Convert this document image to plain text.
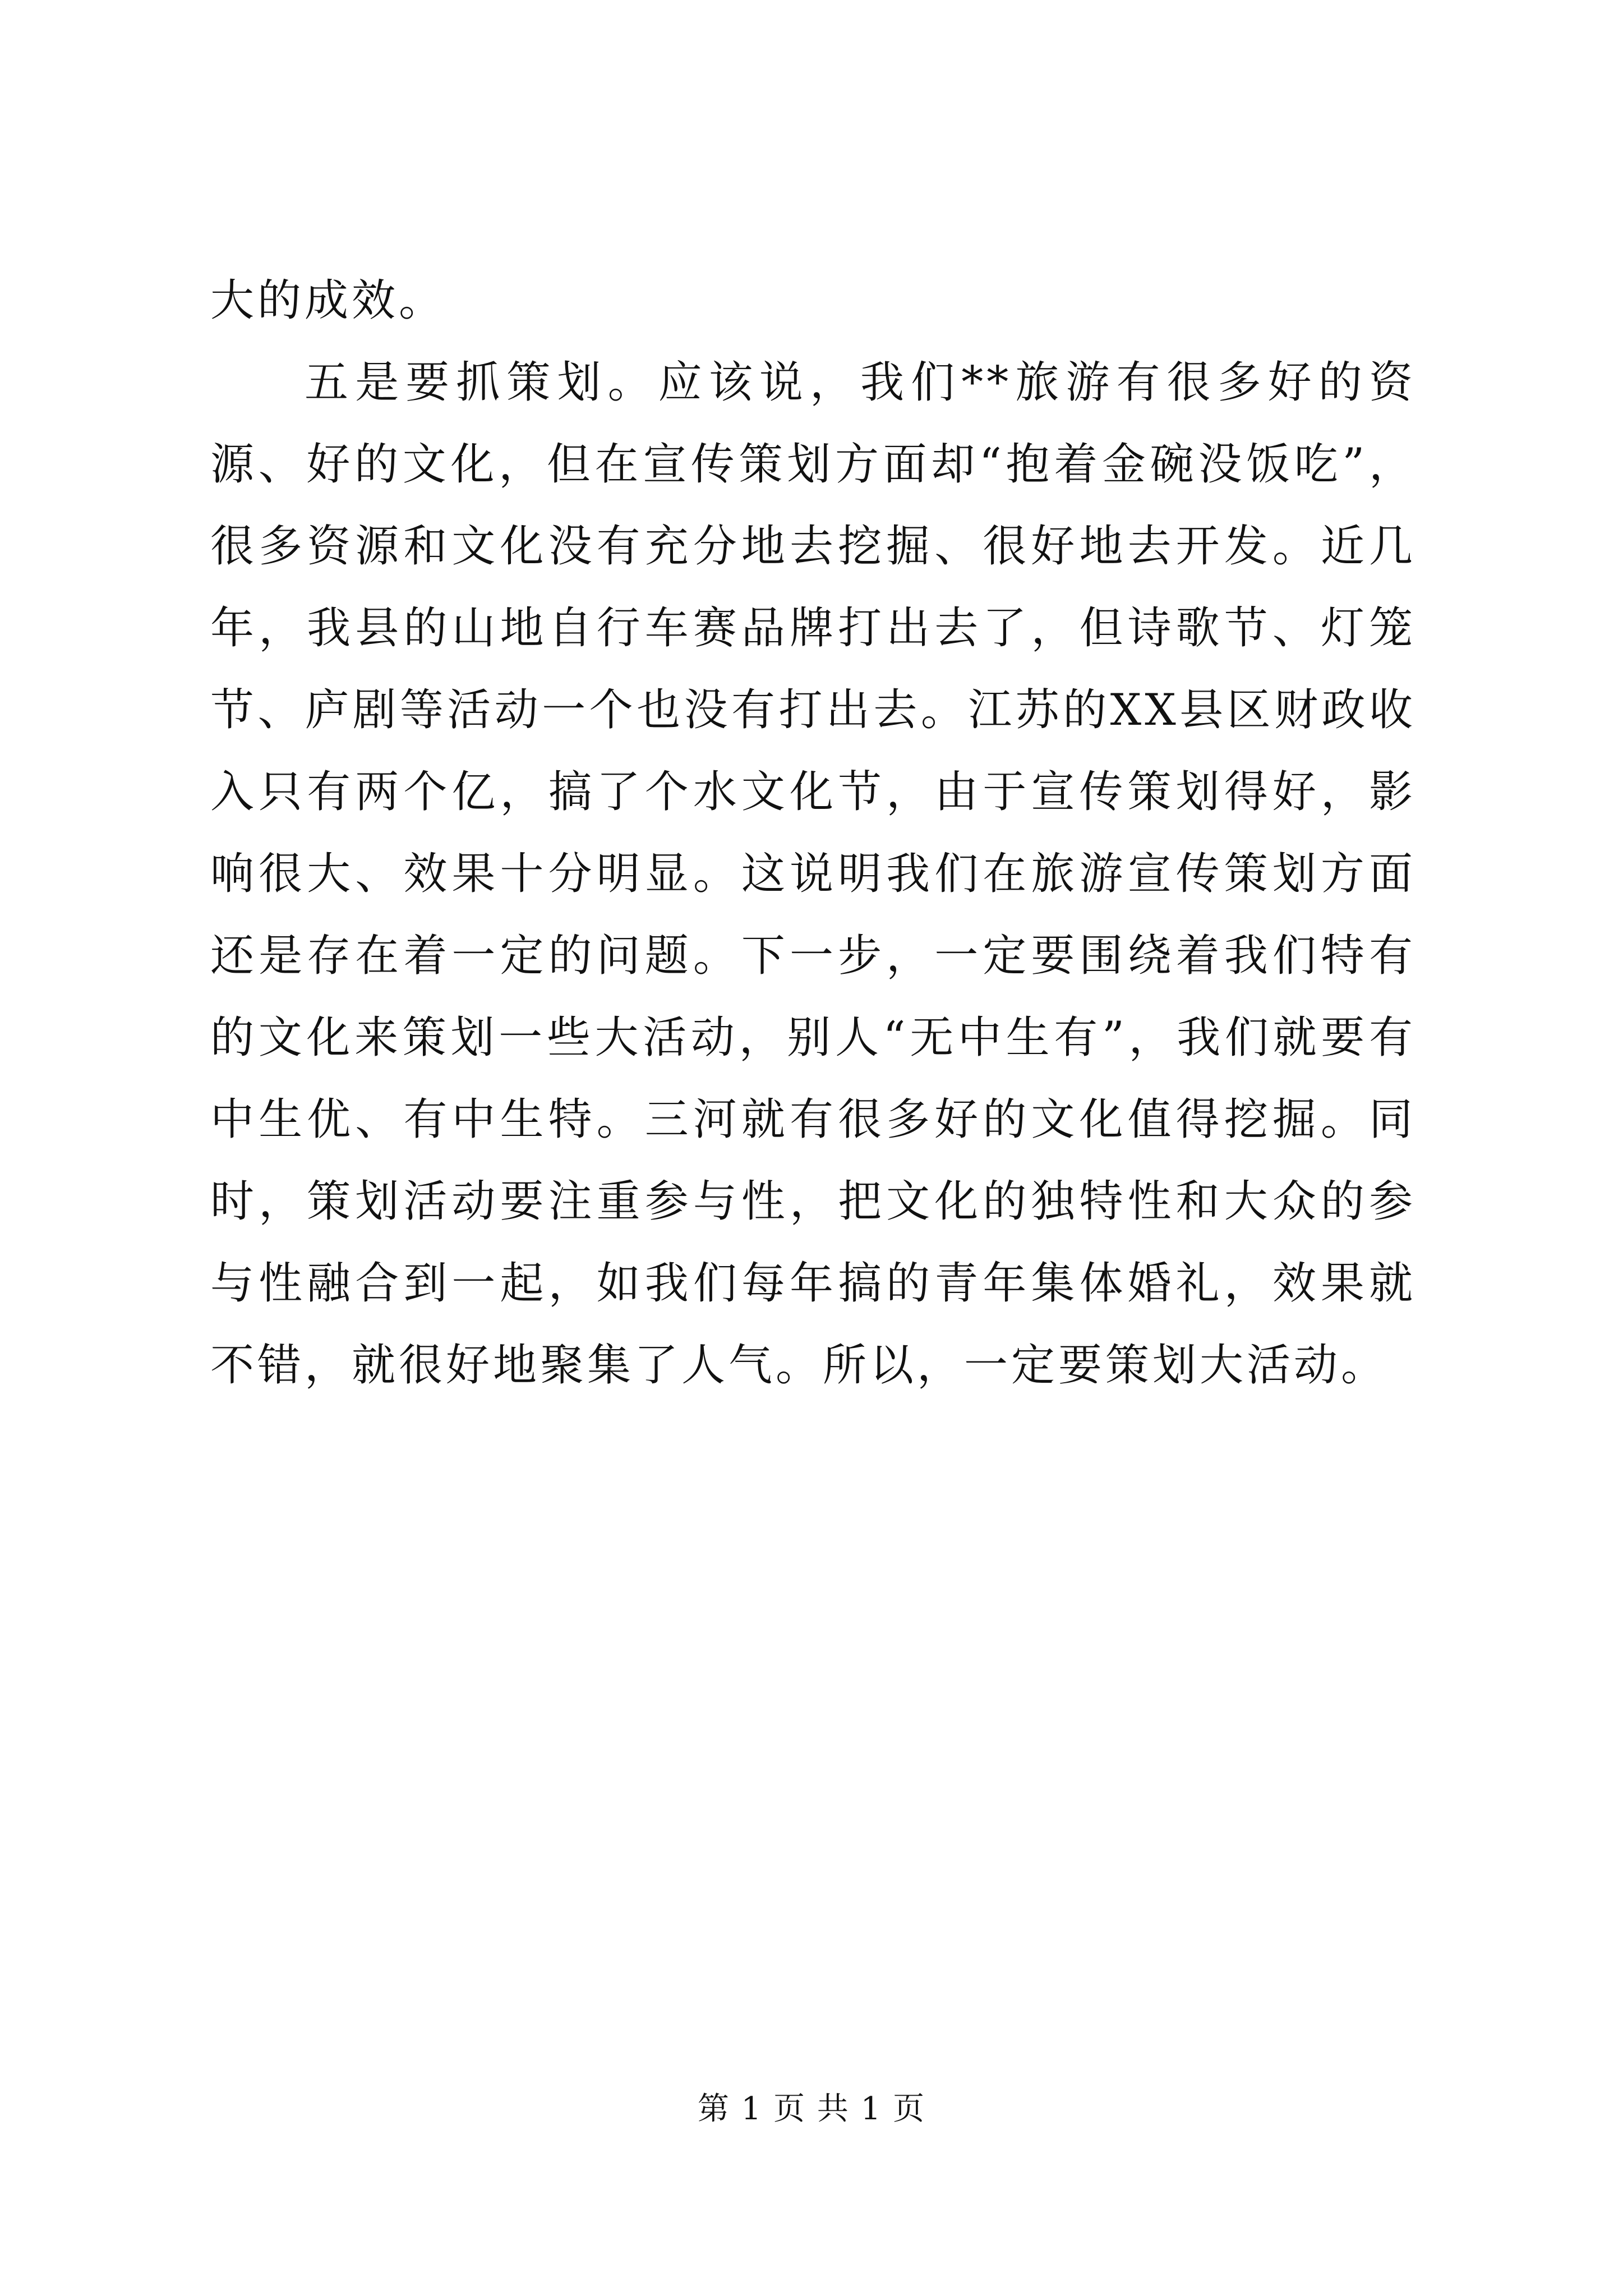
大的成效。

五是要抓策划。应该说，我们**旅游有很多好的资源、好的文化，但在宣传策划方面却“抱着金碗没饭吃”，很多资源和文化没有充分地去挖掘、很好地去开发。近几年，我县的山地自行车赛品牌打出去了，但诗歌节、灯笼节、庐剧等活动一个也没有打出去。江苏的XX县区财政收入只有两个亿，搞了个水文化节，由于宣传策划得好，影响很大、效果十分明显。这说明我们在旅游宣传策划方面还是存在着一定的问题。下一步，一定要围绕着我们特有的文化来策划一些大活动，别人“无中生有”，我们就要有中生优、有中生特。三河就有很多好的文化值得挖掘。同时，策划活动要注重参与性，把文化的独特性和大众的参与性融合到一起，如我们每年搞的青年集体婚礼，效果就不错，就很好地聚集了人气。所以，一定要策划大活动。

第 1 页 共 1 页
